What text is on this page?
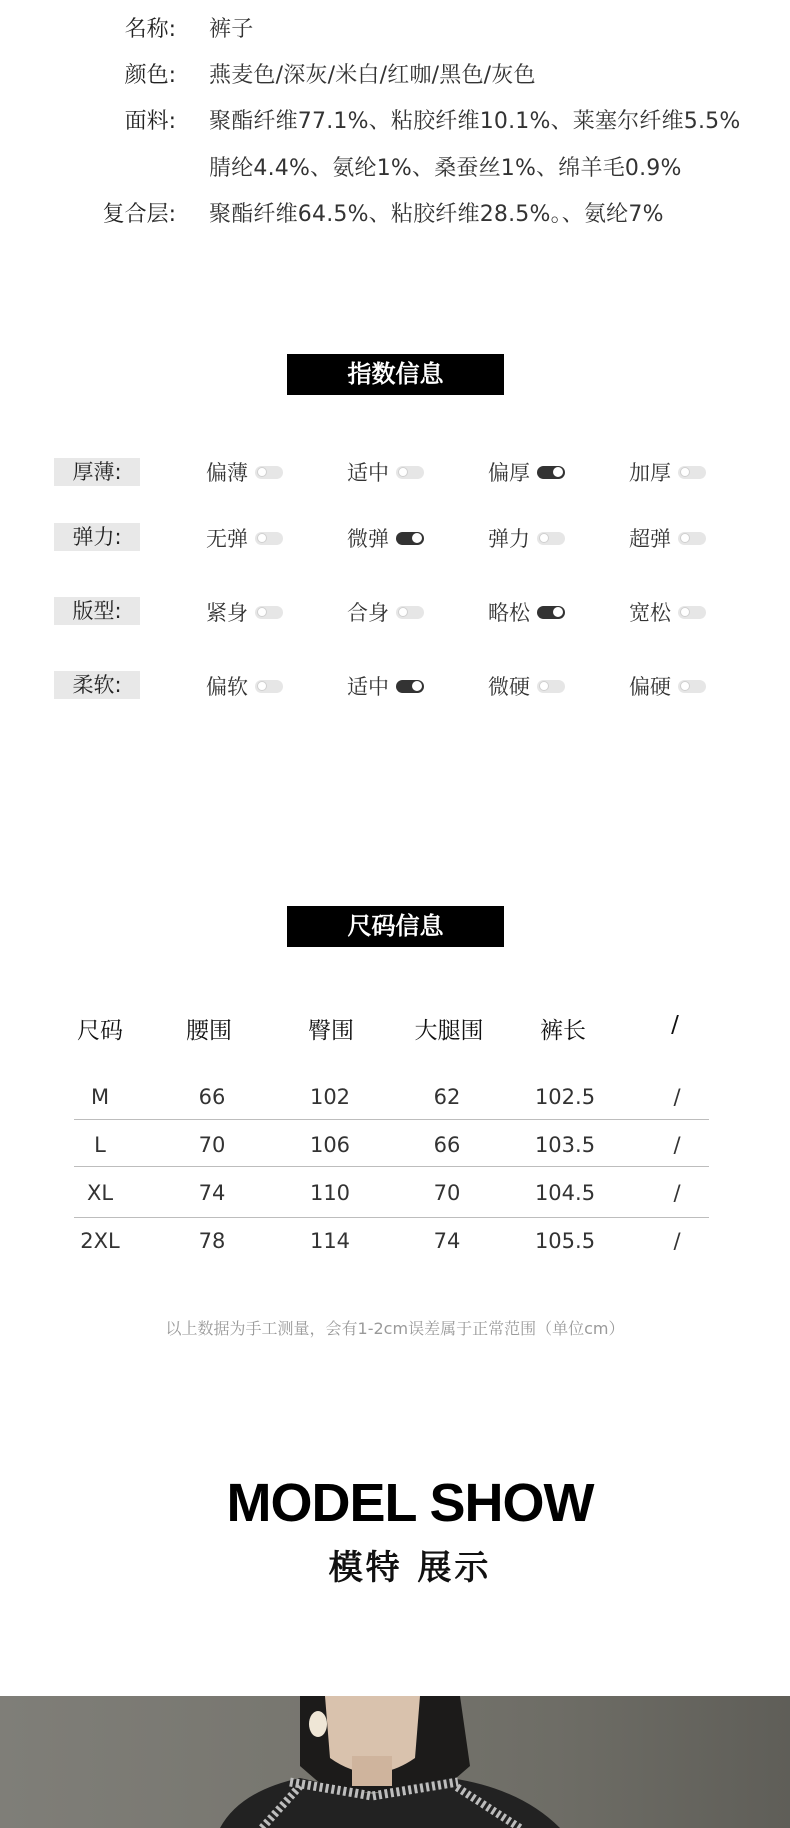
名称: 裤子
颜色: 燕麦色/深灰/米白/红咖/黑色/灰色
面料: 聚酯纤维77.1%、粘胶纤维10.1%、莱塞尔纤维5.5%
腈纶4.4%、氨纶1%、桑蚕丝1%、绵羊毛0.9%
复合层: 聚酯纤维64.5%、粘胶纤维28.5%。、氨纶7%
指数信息
厚薄:	偏薄	适中	偏厚	加厚
弹力:	无弹	微弹	弹力	超弹
版型:	紧身	合身	略松	宽松
柔软:	偏软	适中	微硬	偏硬
尺码信息
尺码	腰围	臀围	大腿围 裤长	/
M	66	102	62	102.5	/
L	70	106	66	103.5	/
XL	74	110	70	104.5	/
2XL	78	114	74	105.5	/
以上数据为手工测量，会有1-2cm误差属于正常范围（单位cm）
MODEL SHOW
模特 展示
